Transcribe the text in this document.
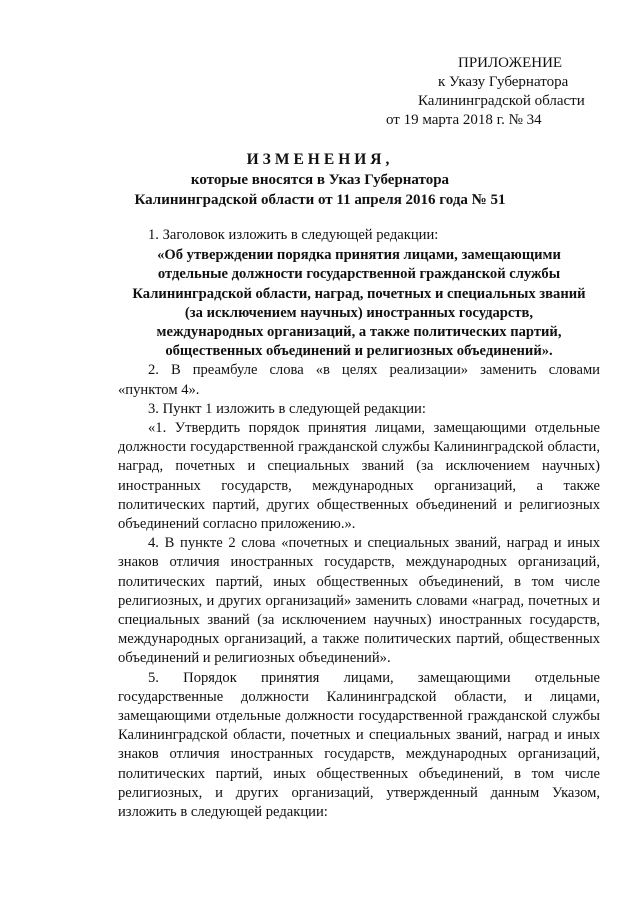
ПРИЛОЖЕНИЕ
к Указу Губернатора
Калининградской области
от 19 марта 2018 г. № 34
ИЗМЕНЕНИЯ,
которые вносятся в Указ Губернатора
Калининградской области от 11 апреля 2016 года № 51

1. Заголовок изложить в следующей редакции:

«Об утверждении порядка принятия лицами, замещающими
отдельные должности государственной гражданской службы
Калининградской области, наград, почетных и специальных званий
(за исключением научных) иностранных государств,
международных организаций, а также политических партий,
общественных объединений и религиозных объединений».
2. В преамбуле слова «в целях реализации» заменить словами
«пунктом 4».

3. Пункт 1 изложить в следующей редакции:

«1. Утвердить порядок принятия лицами, замещающими отдельные
должности государственной гражданской службы Калининградской области,
наград, почетных и специальных званий (за исключением научных)
иностранных государств, международных организаций, а также
политических партий, других общественных объединений и религиозных
объединений согласно приложению.».
4. В пункте 2 слова «почетных и специальных званий, наград и иных
знаков отличия иностранных государств, международных организаций,
политических партий, иных общественных объединений, в том числе
религиозных, и других организаций» заменить словами «наград, почетных и
специальных званий (за исключением научных) иностранных государств,
международных организаций, а также политических партий, общественных
объединений и религиозных объединений».
5. Порядок принятия лицами, замещающими отдельные
государственные должности Калининградской области, и лицами,
замещающими отдельные должности государственной гражданской службы
Калининградской области, почетных и специальных званий, наград и иных
знаков отличия иностранных государств, международных организаций,
политических партий, иных общественных объединений, в том числе
религиозных, и других организаций, утвержденный данным Указом,
изложить в следующей редакции:
